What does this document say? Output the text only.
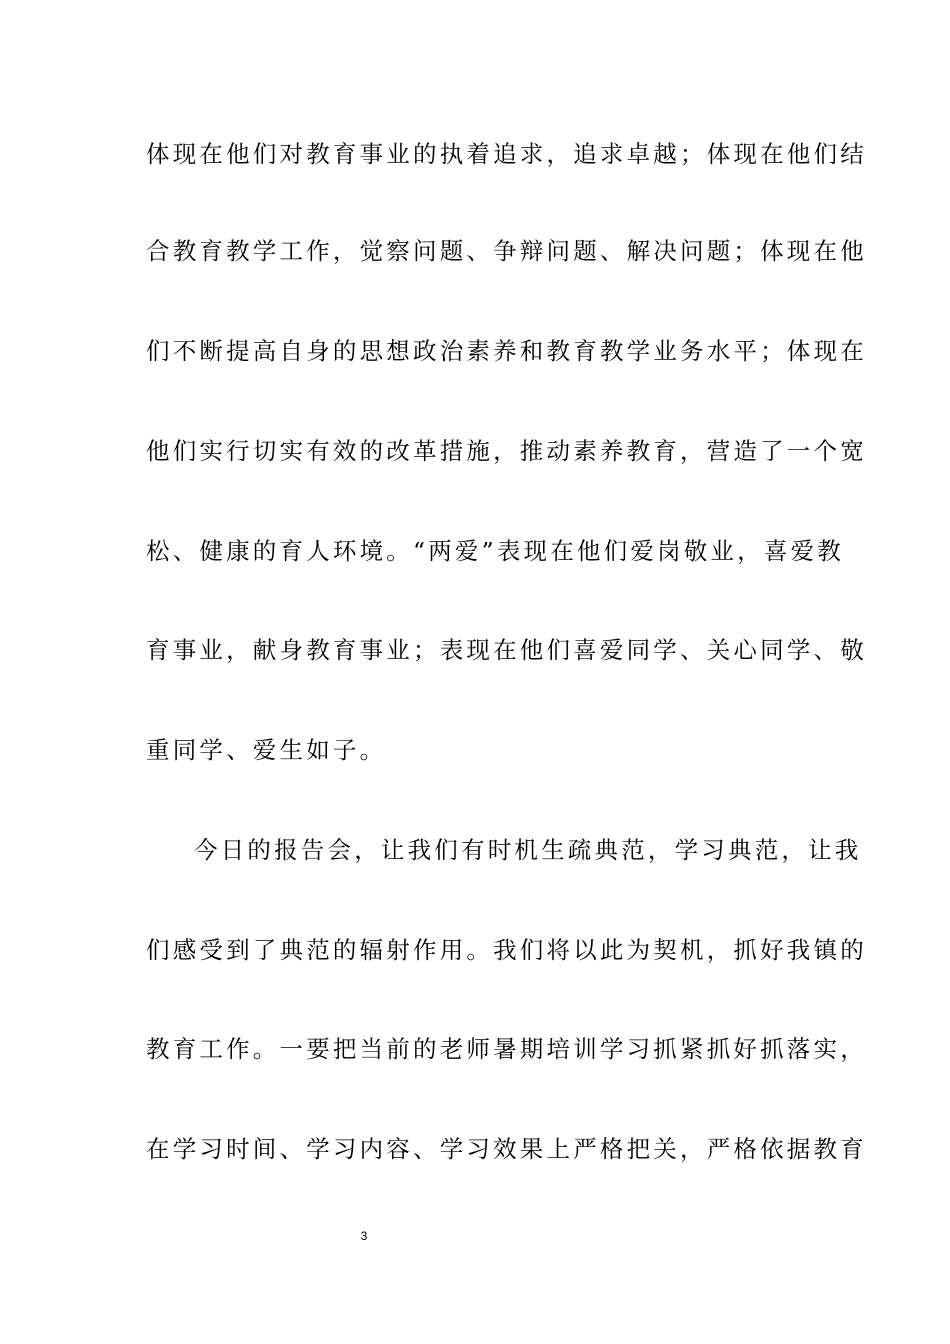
体现在他们对教育事业的执着追求，追求卓越；体现在他们结
合教育教学工作，觉察问题、争辩问题、解决问题；体现在他
们不断提高自身的思想政治素养和教育教学业务水平；体现在
他们实行切实有效的改革措施，推动素养教育，营造了一个宽
松、健康的育人环境。“两爱”表现在他们爱岗敬业，喜爱教
育事业，献身教育事业；表现在他们喜爱同学、关心同学、敬
重同学、爱生如子。
今日的报告会，让我们有时机生疏典范，学习典范，让我
们感受到了典范的辐射作用。我们将以此为契机，抓好我镇的
教育工作。一要把当前的老师暑期培训学习抓紧抓好抓落实，
在学习时间、学习内容、学习效果上严格把关，严格依据教育
3
